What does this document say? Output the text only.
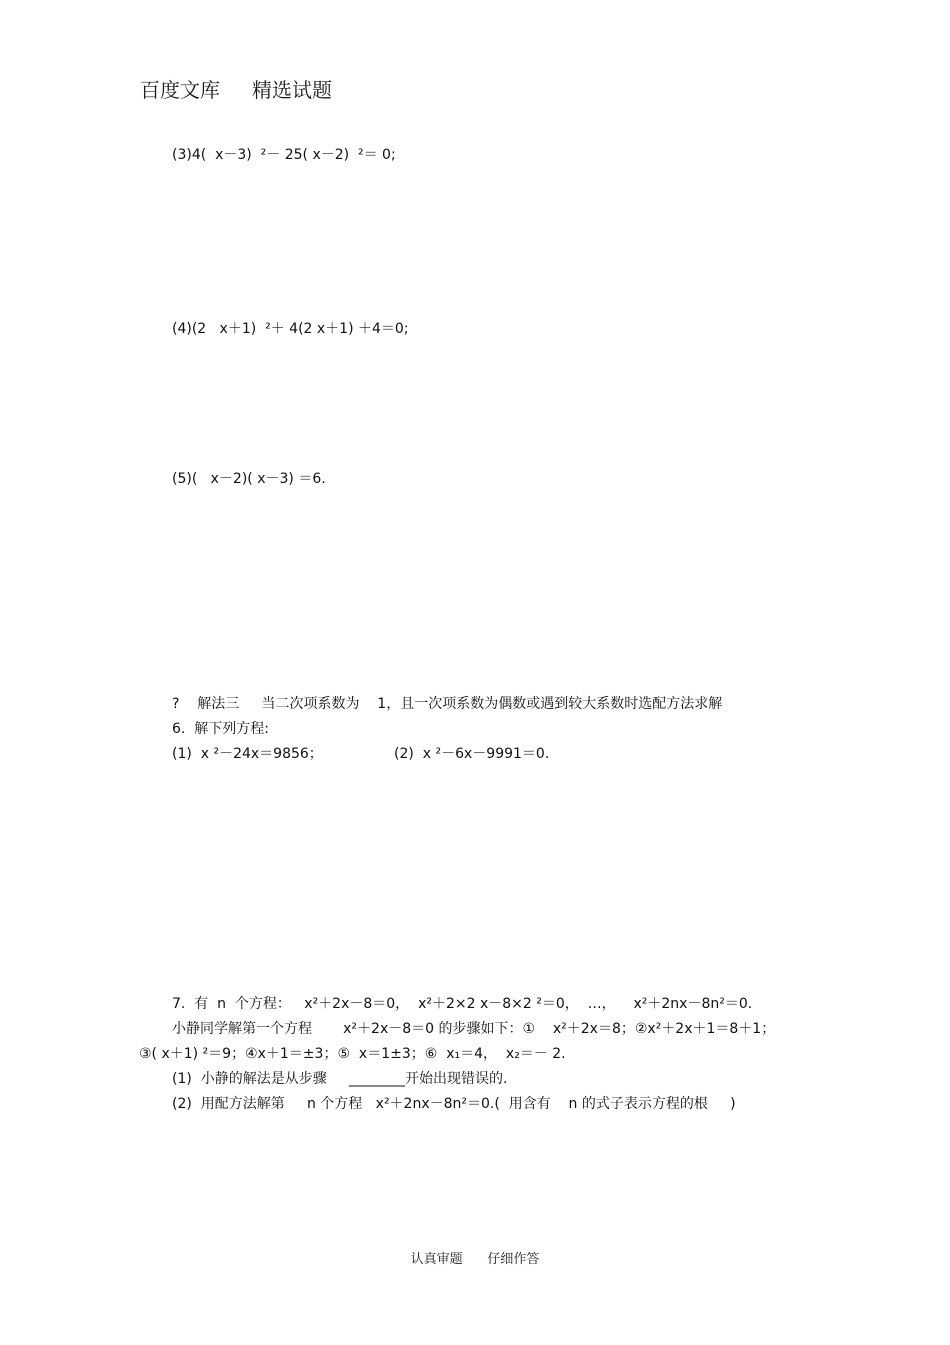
百度文库 精选试题
(3)4(  x－3)  ²－ 25( x－2)  ²＝ 0;
(4)(2   x＋1)  ²＋ 4(2 x＋1) ＋4＝0;
(5)(   x－2)( x－3) ＝6.
?    解法三     当二次项系数为    1，且一次项系数为偶数或遇到较大系数时选配方法求解
6.  解下列方程:
(1)  x ²－24x＝9856；                (2)  x ²－6x－9991＝0.
7.  有  n  个方程：   x²＋2x－8＝0，  x²＋2×2 x－8×2 ²＝0，  …，    x²＋2nx－8n²＝0.
小静同学解第一个方程       x²＋2x－8＝0 的步骤如下：①    x²＋2x＝8；②x²＋2x＋1＝8＋1；
③( x＋1) ²＝9；④x＋1＝±3；⑤  x＝1±3；⑥  x₁＝4，  x₂＝－ 2.
(1)  小静的解法是从步骤     ________开始出现错误的.
(2)  用配方法解第     n 个方程   x²＋2nx－8n²＝0.(  用含有    n 的式子表示方程的根     )
认真审题      仔细作答
